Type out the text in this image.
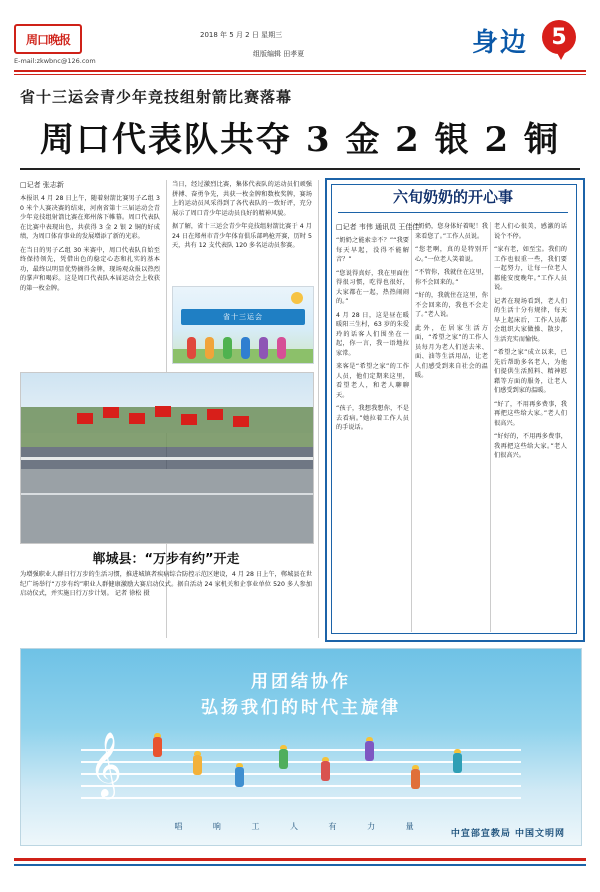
周口晚报	2018 年 5 月 2 日 星期三
组版编辑 田孝夏
E-mail:zkwbnc@126.com
身边	5
省十三运会青少年竞技组射箭比赛落幕
周口代表队共夺 3 金 2 银 2 铜
□记者 张志新

本报讯 4 月 28 日上午，随着射箭比赛男子乙组 30 米个人赛决赛的结束，河南省第十三届运动会青少年竞技组射箭比赛在郑州落下帷幕。周口代表队在比赛中表现出色，共获得 3 金 2 银 2 铜的好成绩，为周口体育事业的发展增添了新的光彩。

在当日的男子乙组 30 米赛中，周口代表队自始至终保持领先，凭借出色的稳定心态和扎实的基本功，最终以明显优势摘得金牌，现场观众报以热烈的掌声和喝彩。这是周口代表队本届运动会上收获的第一枚金牌。

当日，经过激烈比赛，集体代表队的运动员们顽强拼搏、奋勇争先，共获一枚金牌和数枚奖牌，赛场上的运动员风采得到了各代表队的一致好评，充分展示了周口青少年运动员良好的精神风貌。

据了解，省十三运会青少年竞技组射箭比赛于 4 月 24 日在郑州市青少年体育俱乐部鸣枪开赛，历时 5 天，共有 12 支代表队 120 多名运动员参赛。

省十三运会
郸城县：“万步有约”开走
为增强职业人群日行万步的生活习惯，推进城镇者疾病综合防控示范区建设，4 月 28 日上午，郸城县在世纪广场举行“万步有约”职业人群健康激励大赛启动仪式。据自活动 24 家机关和企事业单位 520 多人参加启动仪式，并实施日行万步计划。 记者 徐松 摄
六旬奶奶的开心事
□记者 韦伟 通讯员 王佳佳

“奶奶之能索幸不？”“我要每天早起，没得不能解音？”

“您说得真好，我在里面住得很习惯，吃得也很好，大家都在一起，热热闹闹的。”

4 月 28 日，这是昼在暖暖阳三生村，63 岁的朱爱玲的话客人们围坐在一起，你一言，我一语地拉家常。

来客是“希望之家”的工作人员，他们定期来这里，看望老人，和老人聊聊天。

“孩子，我想我想你，不是去看病。”她拉着工作人员的手说话。

“奶奶，您身体好着呢！我来看您了。”工作人员说。

“您老啊，真的是特别开心。”一位老人笑着说。

“不管你，我就住在这里，你不会回来的。”

“好的，我就住在这里，你不会回来的，我也不会走了。”老人说。

此外，在居家生活方面，“希望之家”的工作人员每月为老人们送去米、面、油等生活用品，让老人们感受到来自社会的温暖。

老人们心很美，感激的话说个不停。

“家有老，如至宝。我们的工作也很重一些，我们要一起努力，让每一位老人都能安度晚年。”工作人员说。

记者在现场看到，老人们的生活十分有规律，每天早上起床后，工作人员都会组织大家做操、散步，生活充实而愉快。

“希望之家”成立以来，已先后帮助多名老人，为他们提供生活照料、精神慰藉等方面的服务，让老人们感受到家的温暖。

“好了，不用再多费事，我再把这些给大家。”老人们很高兴。

“好好的，不用再多费事，我再把这些给大家。”老人们很高兴。

用团结协作
弘扬我们的时代主旋律
𝄞
唱 响 工 人 有 力 量
中宣部宣教局 中国文明网
